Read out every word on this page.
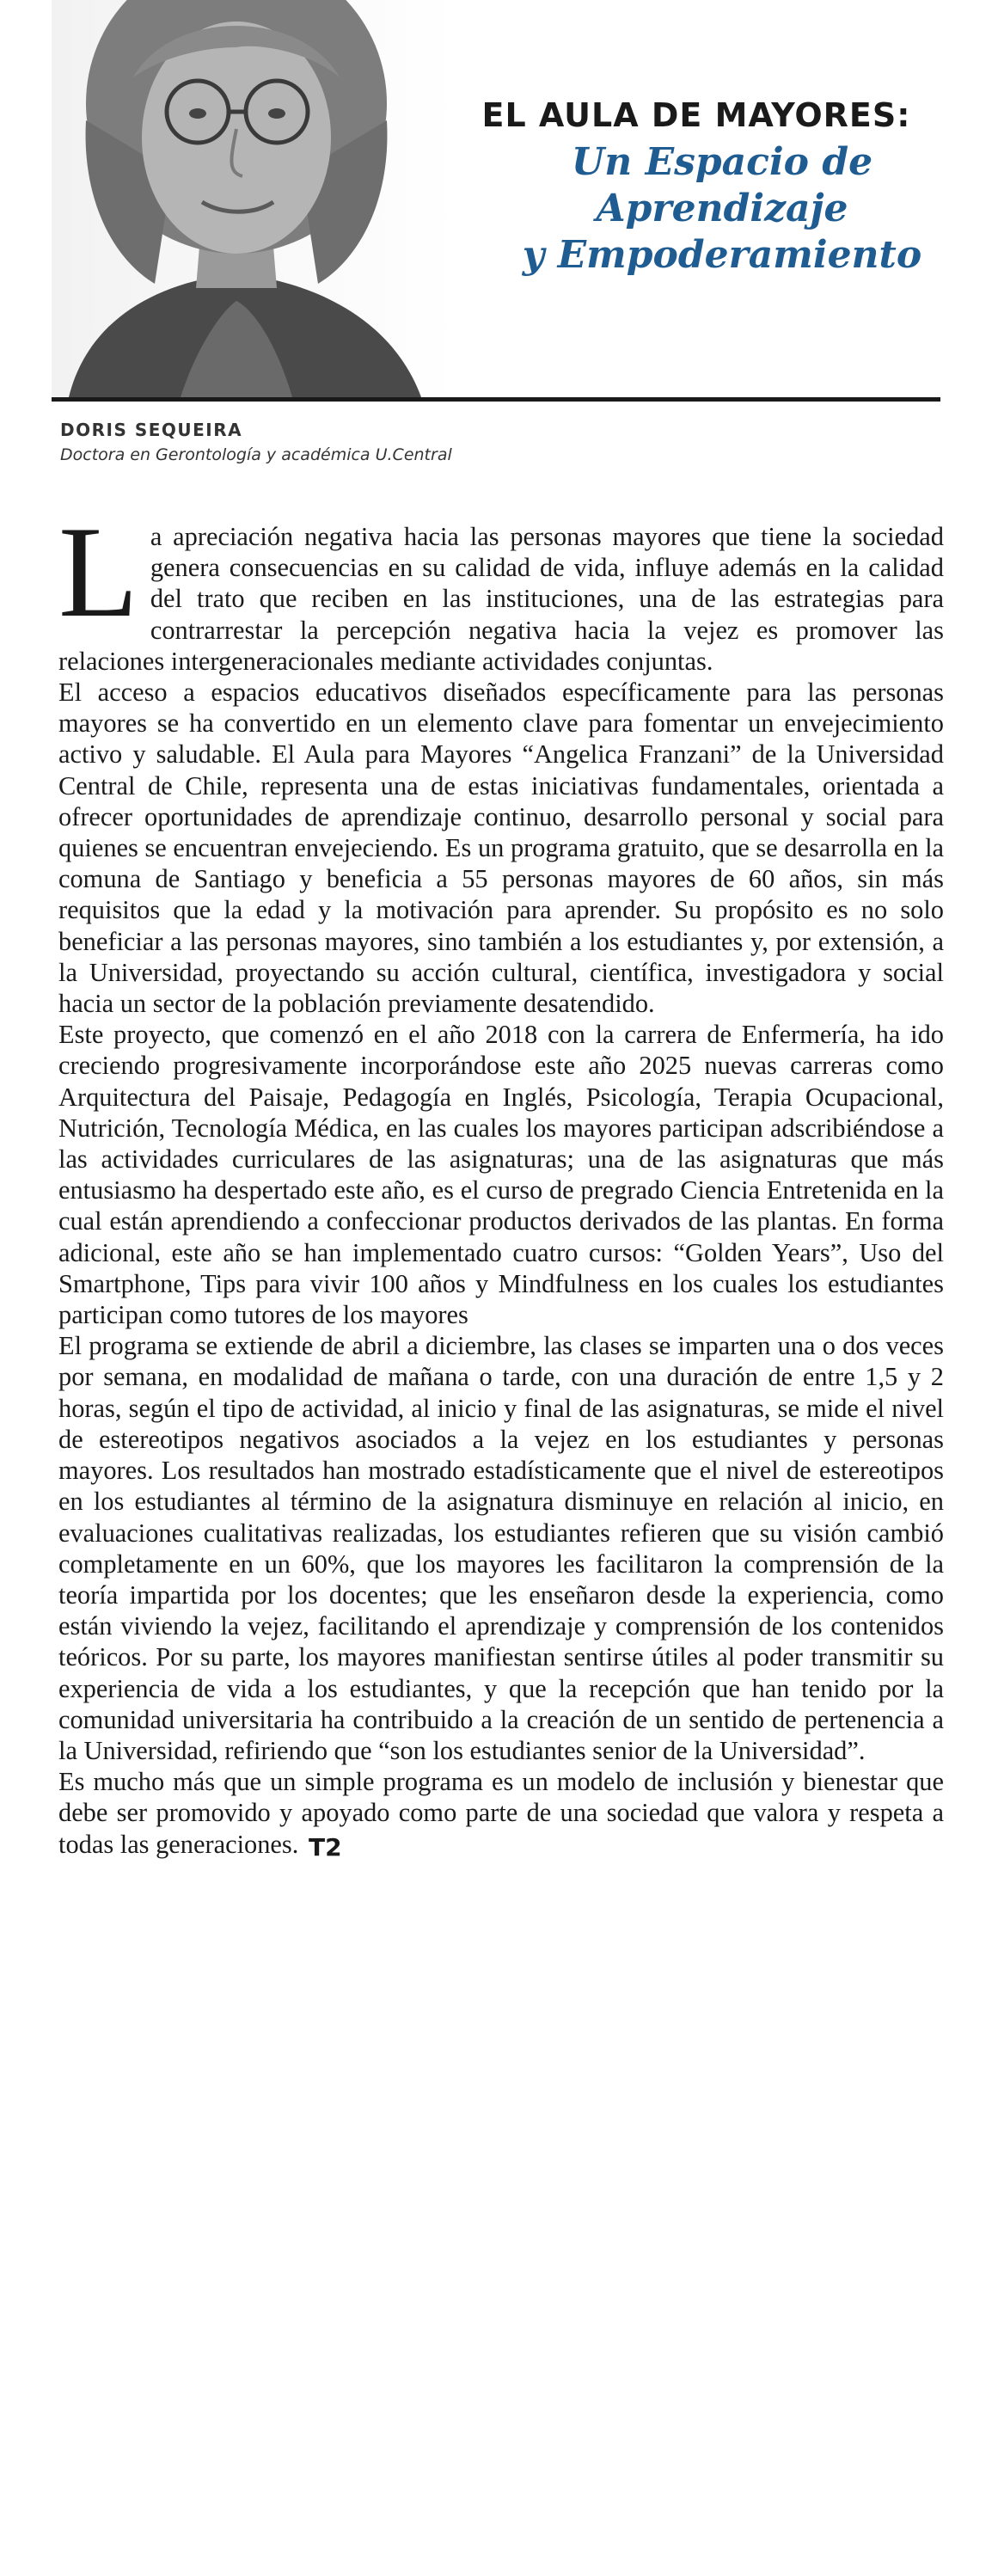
EL AULA DE MAYORES:
Un Espacio de Aprendizaje
y Empoderamiento
DORIS SEQUEIRA
Doctora en Gerontología y académica U.Central

La apreciación negativa hacia las personas mayores que tiene la sociedad genera consecuencias en su calidad de vida, influye además en la calidad del trato que reciben en las instituciones, una de las estrategias para contrarrestar la percepción negativa hacia la vejez es promover las relaciones intergeneracionales mediante actividades conjuntas.

El acceso a espacios educativos diseñados específicamente para las personas mayores se ha convertido en un elemento clave para fomentar un envejecimiento activo y saludable. El Aula para Mayores “Angelica Franzani” de la Universidad Central de Chile, representa una de estas iniciativas fundamentales, orientada a ofrecer oportunidades de aprendizaje continuo, desarrollo personal y social para quienes se encuentran envejeciendo. Es un programa gratuito, que se desarrolla en la comuna de Santiago y beneficia a 55 personas mayores de 60 años, sin más requisitos que la edad y la motivación para aprender. Su propósito es no solo beneficiar a las personas mayores, sino también a los estudiantes y, por extensión, a la Universidad, proyectando su acción cultural, científica, investigadora y social hacia un sector de la población previamente desatendido.

Este proyecto, que comenzó en el año 2018 con la carrera de Enfermería, ha ido creciendo progresivamente incorporándose este año 2025 nuevas carreras como Arquitectura del Paisaje, Pedagogía en Inglés, Psicología, Terapia Ocupacional, Nutrición, Tecnología Médica, en las cuales los mayores participan adscribiéndose a las actividades curriculares de las asignaturas; una de las asignaturas que más entusiasmo ha despertado este año, es el curso de pregrado Ciencia Entretenida en la cual están aprendiendo a confeccionar productos derivados de las plantas. En forma adicional, este año se han implementado cuatro cursos: “Golden Years”, Uso del Smartphone, Tips para vivir 100 años y Mindfulness en los cuales los estudiantes participan como tutores de los mayores

El programa se extiende de abril a diciembre, las clases se imparten una o dos veces por semana, en modalidad de mañana o tarde, con una duración de entre 1,5 y 2 horas, según el tipo de actividad, al inicio y final de las asignaturas, se mide el nivel de estereotipos negativos asociados a la vejez en los estudiantes y personas mayores. Los resultados han mostrado estadísticamente que el nivel de estereotipos en los estudiantes al término de la asignatura disminuye en relación al inicio, en evaluaciones cualitativas realizadas, los estudiantes refieren que su visión cambió completamente en un 60%, que los mayores les facilitaron la comprensión de la teoría impartida por los docentes; que les enseñaron desde la experiencia, como están viviendo la vejez, facilitando el aprendizaje y comprensión de los contenidos teóricos. Por su parte, los mayores manifiestan sentirse útiles al poder transmitir su experiencia de vida a los estudiantes, y que la recepción que han tenido por la comunidad universitaria ha contribuido a la creación de un sentido de pertenencia a la Universidad, refiriendo que “son los estudiantes senior de la Universidad”.

Es mucho más que un simple programa es un modelo de inclusión y bienestar que debe ser promovido y apoyado como parte de una sociedad que valora y respeta a todas las generaciones. T2
